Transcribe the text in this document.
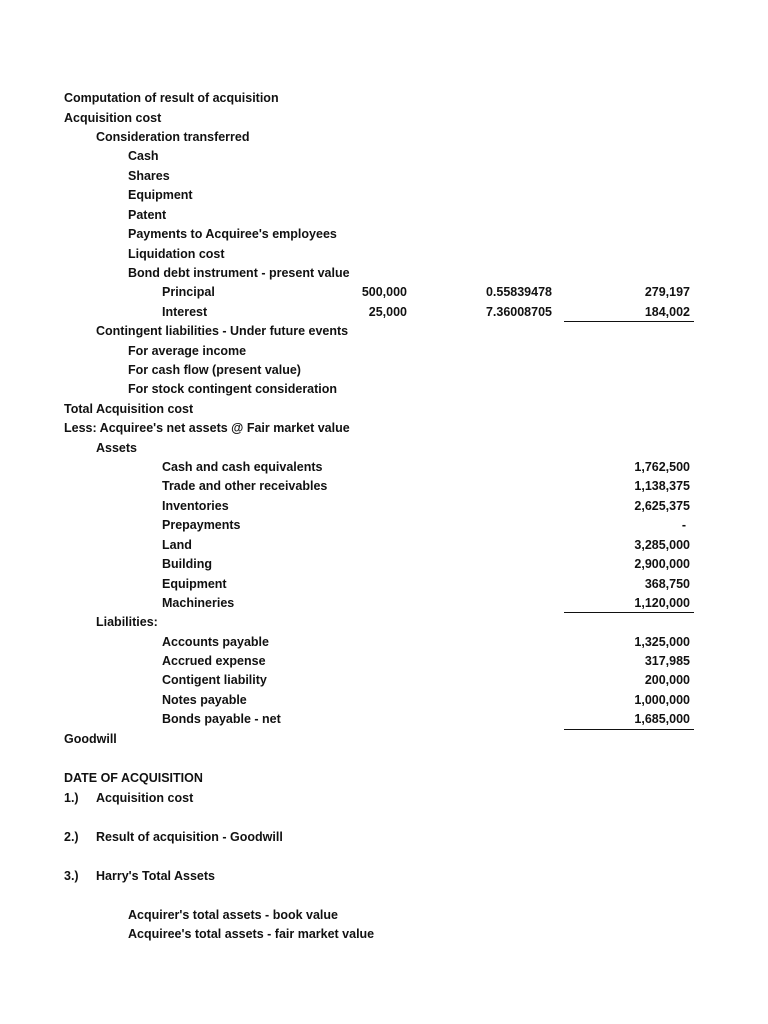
Computation of result of acquisition
Acquisition cost
Consideration transferred
Cash
Shares
Equipment
Patent
Payments to Acquiree's employees
Liquidation cost
Bond debt instrument - present value
Principal	500,000	0.55839478	279,197
Interest	25,000	7.36008705	184,002
Contingent liabilities - Under future events
For average income
For cash flow (present value)
For stock contingent consideration
Total Acquisition cost
Less: Acquiree's net assets @ Fair market value
Assets
Cash and cash equivalents	1,762,500
Trade and other receivables	1,138,375
Inventories	2,625,375
Prepayments	-
Land	3,285,000
Building	2,900,000
Equipment	368,750
Machineries	1,120,000
Liabilities:
Accounts payable	1,325,000
Accrued expense	317,985
Contigent liability	200,000
Notes payable	1,000,000
Bonds payable - net	1,685,000
Goodwill
DATE OF ACQUISITION
1.) Acquisition cost
2.) Result of acquisition - Goodwill
3.) Harry's Total Assets
Acquirer's total assets - book value
Acquiree's total assets - fair market value
